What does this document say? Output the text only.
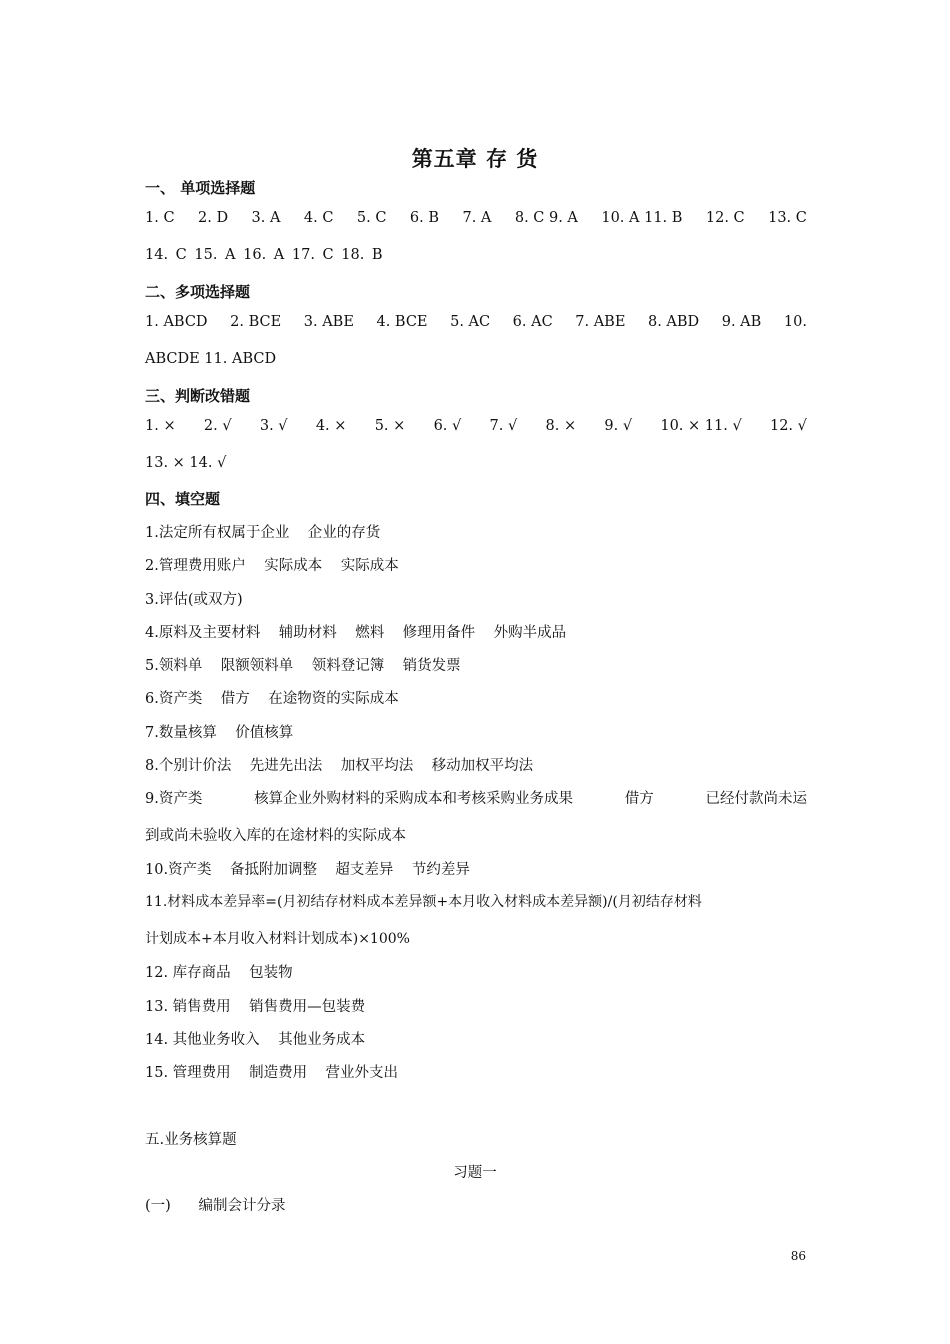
第五章 存 货
一、 单项选择题
1. C 2. D 3. A 4. C 5. C 6. B 7. A 8. C 9. A 10. A 11. B 12. C 13. C
14. C 15. A 16. A 17. C 18. B
二、多项选择题
1. ABCD 2. BCE 3. ABE 4. BCE 5. AC 6. AC 7. ABE 8. ABD 9. AB 10.
ABCDE 11. ABCD
三、判断改错题
1. × 2. √ 3. √ 4. × 5. × 6. √ 7. √ 8. × 9. √ 10. × 11. √ 12. √
13. × 14. √
四、填空题
1.法定所有权属于企业    企业的存货
2.管理费用账户    实际成本    实际成本
3.评估(或双方)
4.原料及主要材料    辅助材料    燃料    修理用备件    外购半成品
5.领料单    限额领料单    领料登记簿    销货发票
6.资产类    借方    在途物资的实际成本
7.数量核算    价值核算
8.个别计价法    先进先出法    加权平均法    移动加权平均法
9.资产类	核算企业外购材料的采购成本和考核采购业务成果	借方	已经付款尚未运
到或尚未验收入库的在途材料的实际成本
10.资产类    备抵附加调整    超支差异    节约差异
11.材料成本差异率=(月初结存材料成本差异额+本月收入材料成本差异额)/(月初结存材料
计划成本+本月收入材料计划成本)×100%
12. 库存商品    包装物
13. 销售费用    销售费用—包装费
14. 其他业务收入    其他业务成本
15. 管理费用    制造费用    营业外支出
五.业务核算题
习题一
(一)      编制会计分录
86
